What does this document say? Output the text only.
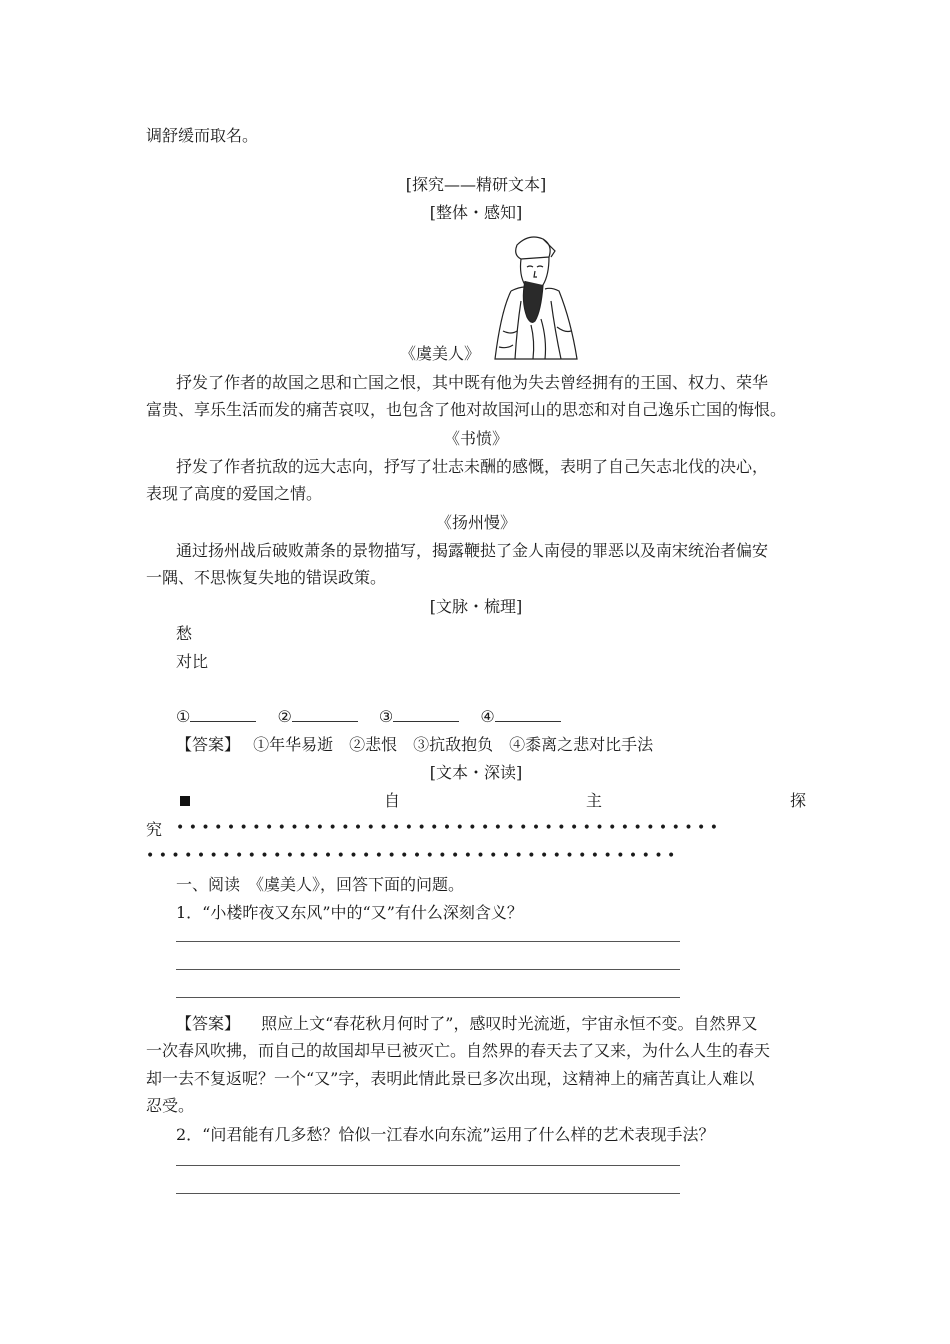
调舒缓而取名。
[探究——精研文本]
[整体・感知]
《虞美人》
抒发了作者的故国之思和亡国之恨，其中既有他为失去曾经拥有的王国、权力、荣华
富贵、享乐生活而发的痛苦哀叹，也包含了他对故国河山的思恋和对自己逸乐亡国的悔恨。
《书愤》
抒发了作者抗敌的远大志向，抒写了壮志未酬的感慨，表明了自己矢志北伐的决心，
表现了高度的爱国之情。
《扬州慢》
通过扬州战后破败萧条的景物描写，揭露鞭挞了金人南侵的罪恶以及南宋统治者偏安
一隅、不思恢复失地的错误政策。
[文脉・梳理]
愁
对比
①	②	③	④
【答案】 ①年华易逝　②悲恨　③抗敌抱负　④黍离之悲对比手法
[文本・深读]
自	主	探
究 • • • • • • • • • • • • • • • • • • • • • • • • • • • • • • • • • • • • • • • • • • •
• • • • • • • • • • • • • • • • • • • • • • • • • • • • • • • • • • • • • • • • • •
一、阅读　《虞美人》，回答下面的问题。
1．“小楼昨夜又东风”中的“又”有什么深刻含义？
【答案】 照应上文“春花秋月何时了”，感叹时光流逝，宇宙永恒不变。自然界又
一次春风吹拂，而自己的故国却早已被灭亡。自然界的春天去了又来，为什么人生的春天
却一去不复返呢？一个“又”字，表明此情此景已多次出现，这精神上的痛苦真让人难以
忍受。
2．“问君能有几多愁？恰似一江春水向东流”运用了什么样的艺术表现手法？
